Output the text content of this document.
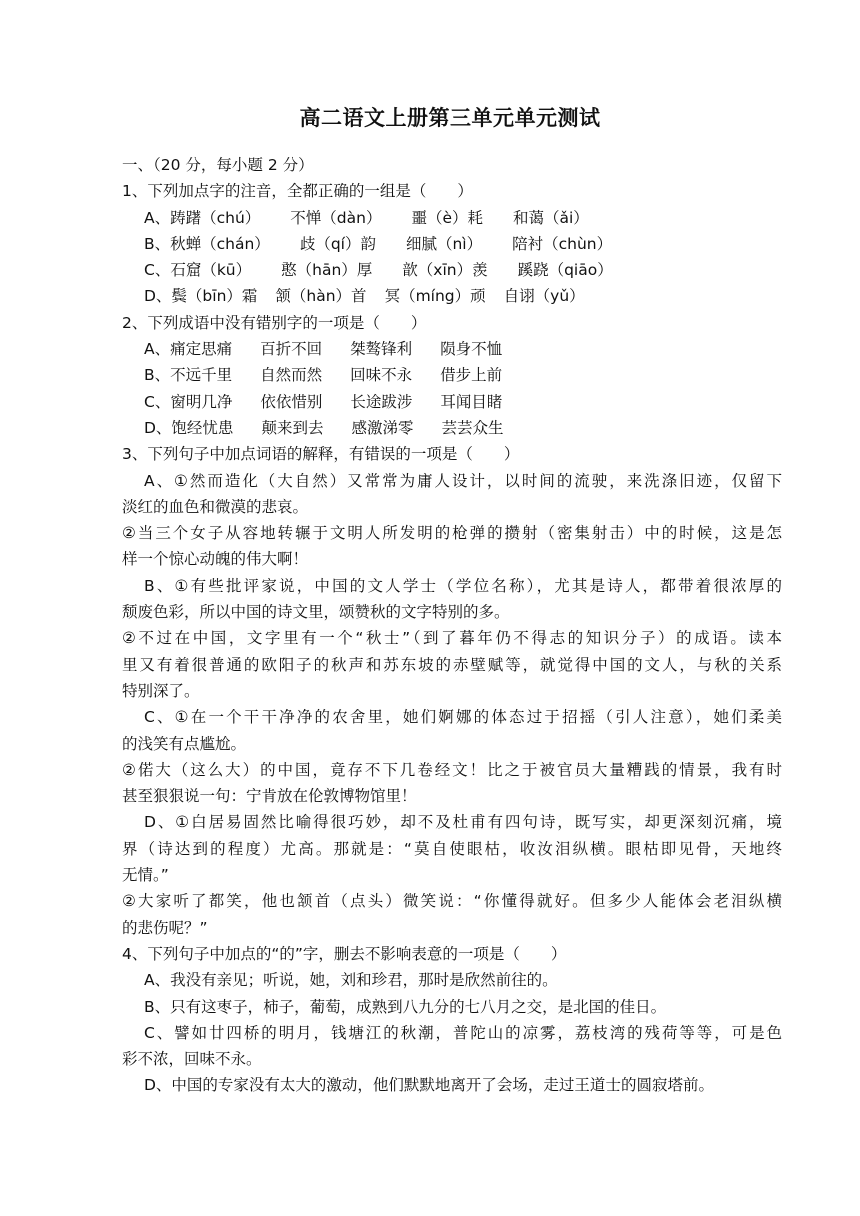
高二语文上册第三单元单元测试
一、（20 分，每小题 2 分）
1、下列加点字的注音，全都正确的一组是（　　）
A、踌躇（chú） 不惮（dàn） 噩（è）耗 和蔼（ǎi）
B、秋蝉（chán） 歧（qí）韵 细腻（nì） 陪衬（chùn）
C、石窟（kū） 憨（hān）厚 歆（xīn）羡 蹊跷（qiāo）
D、鬓（bīn）霜 颔（hàn）首 冥（míng）顽 自诩（yǔ）
2、下列成语中没有错别字的一项是（　　）
A、痛定思痛 百折不回 桀骜锋利 陨身不恤
B、不远千里 自然而然 回味不永 借步上前
C、窗明几净 依依惜别 长途跋涉 耳闻目睹
D、饱经忧患 颠来到去 感激涕零 芸芸众生
3、下列句子中加点词语的解释，有错误的一项是（　　）
A、①然而造化（大自然）又常常为庸人设计，以时间的流驶，来洗涤旧迹，仅留下
淡红的血色和微漠的悲哀。
②当三个女子从容地转辗于文明人所发明的枪弹的攒射（密集射击）中的时候，这是怎
样一个惊心动魄的伟大啊！
B、①有些批评家说，中国的文人学士（学位名称），尤其是诗人，都带着很浓厚的
颓废色彩，所以中国的诗文里，颂赞秋的文字特别的多。
②不过在中国，文字里有一个“秋士”（到了暮年仍不得志的知识分子）的成语。读本
里又有着很普通的欧阳子的秋声和苏东坡的赤壁赋等，就觉得中国的文人，与秋的关系
特别深了。
C、①在一个干干净净的农舍里，她们婀娜的体态过于招摇（引人注意），她们柔美
的浅笑有点尴尬。
②偌大（这么大）的中国，竟存不下几卷经文！比之于被官员大量糟践的情景，我有时
甚至狠狠说一句：宁肯放在伦敦博物馆里！
D、①白居易固然比喻得很巧妙，却不及杜甫有四句诗，既写实，却更深刻沉痛，境
界（诗达到的程度）尤高。那就是：“莫自使眼枯，收汝泪纵横。眼枯即见骨，天地终
无情。”
②大家听了都笑，他也颔首（点头）微笑说：“你懂得就好。但多少人能体会老泪纵横
的悲伤呢？”
4、下列句子中加点的“的”字，删去不影响表意的一项是（　　）
A、我没有亲见；听说，她，刘和珍君，那时是欣然前往的。
B、只有这枣子，柿子，葡萄，成熟到八九分的七八月之交，是北国的佳日。
C、譬如廿四桥的明月，钱塘江的秋潮，普陀山的凉雾，荔枝湾的残荷等等，可是色
彩不浓，回味不永。
D、中国的专家没有太大的激动，他们默默地离开了会场，走过王道士的圆寂塔前。
